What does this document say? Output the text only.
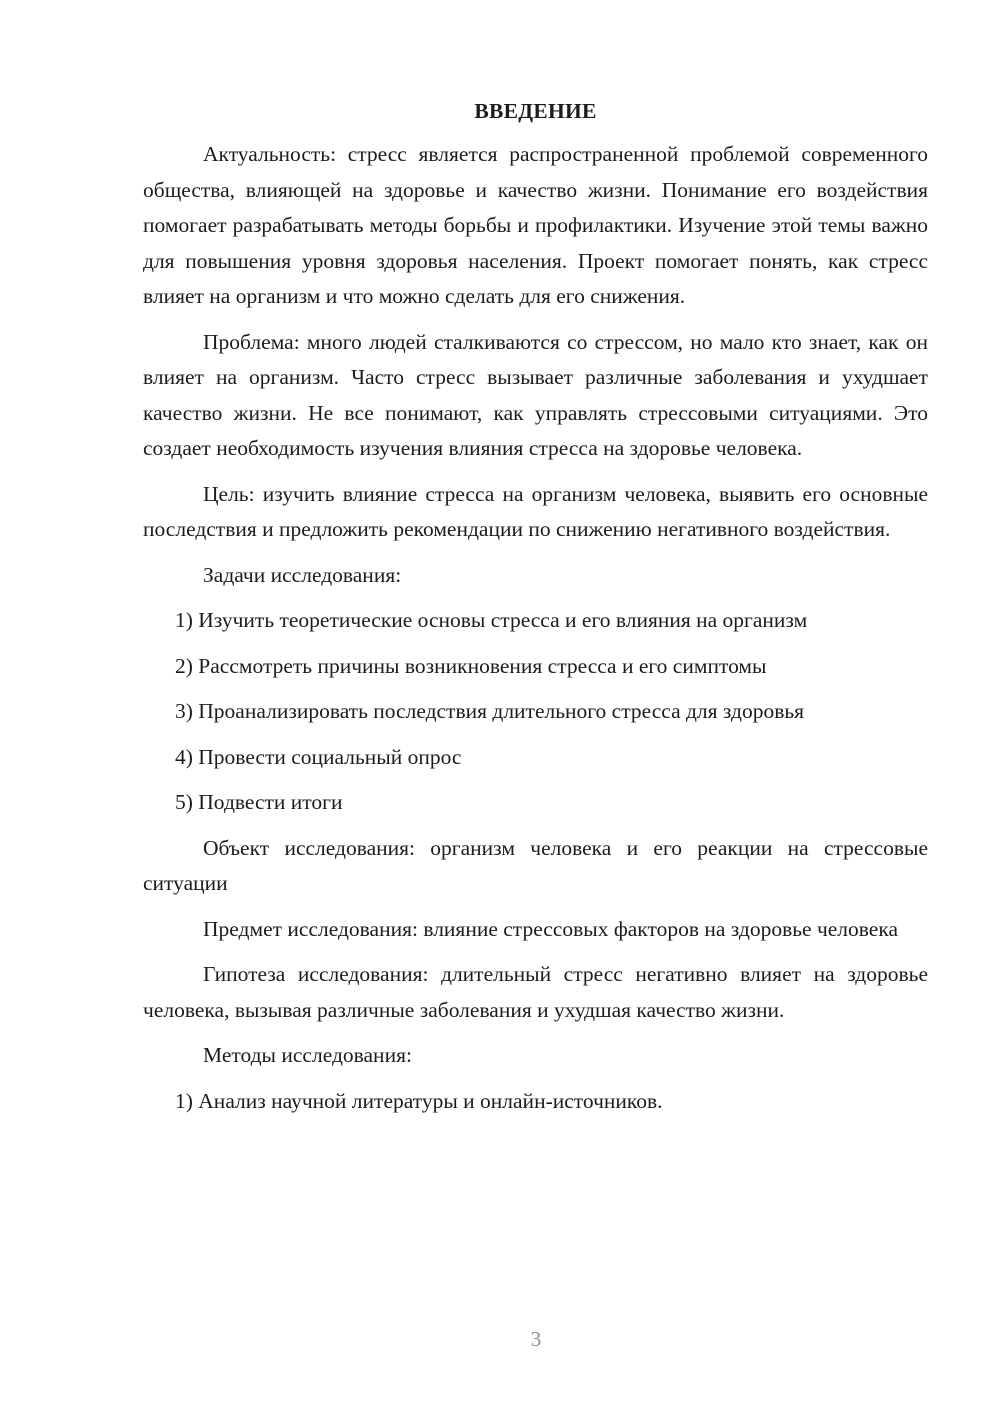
ВВЕДЕНИЕ

Актуальность: стресс является распространенной проблемой современного общества, влияющей на здоровье и качество жизни. Понимание его воздействия помогает разрабатывать методы борьбы и профилактики. Изучение этой темы важно для повышения уровня здоровья населения. Проект помогает понять, как стресс влияет на организм и что можно сделать для его снижения.

Проблема: много людей сталкиваются со стрессом, но мало кто знает, как он влияет на организм. Часто стресс вызывает различные заболевания и ухудшает качество жизни. Не все понимают, как управлять стрессовыми ситуациями. Это создает необходимость изучения влияния стресса на здоровье человека.

Цель: изучить влияние стресса на организм человека, выявить его основные последствия и предложить рекомендации по снижению негативного воздействия.

Задачи исследования:

1) Изучить теоретические основы стресса и его влияния на организм
2) Рассмотреть причины возникновения стресса и его симптомы
3) Проанализировать последствия длительного стресса для здоровья
4) Провести социальный опрос
5) Подвести итоги

Объект исследования: организм человека и его реакции на стрессовые ситуации

Предмет исследования: влияние стрессовых факторов на здоровье человека

Гипотеза исследования: длительный стресс негативно влияет на здоровье человека, вызывая различные заболевания и ухудшая качество жизни.

Методы исследования:

1) Анализ научной литературы и онлайн-источников.
3
